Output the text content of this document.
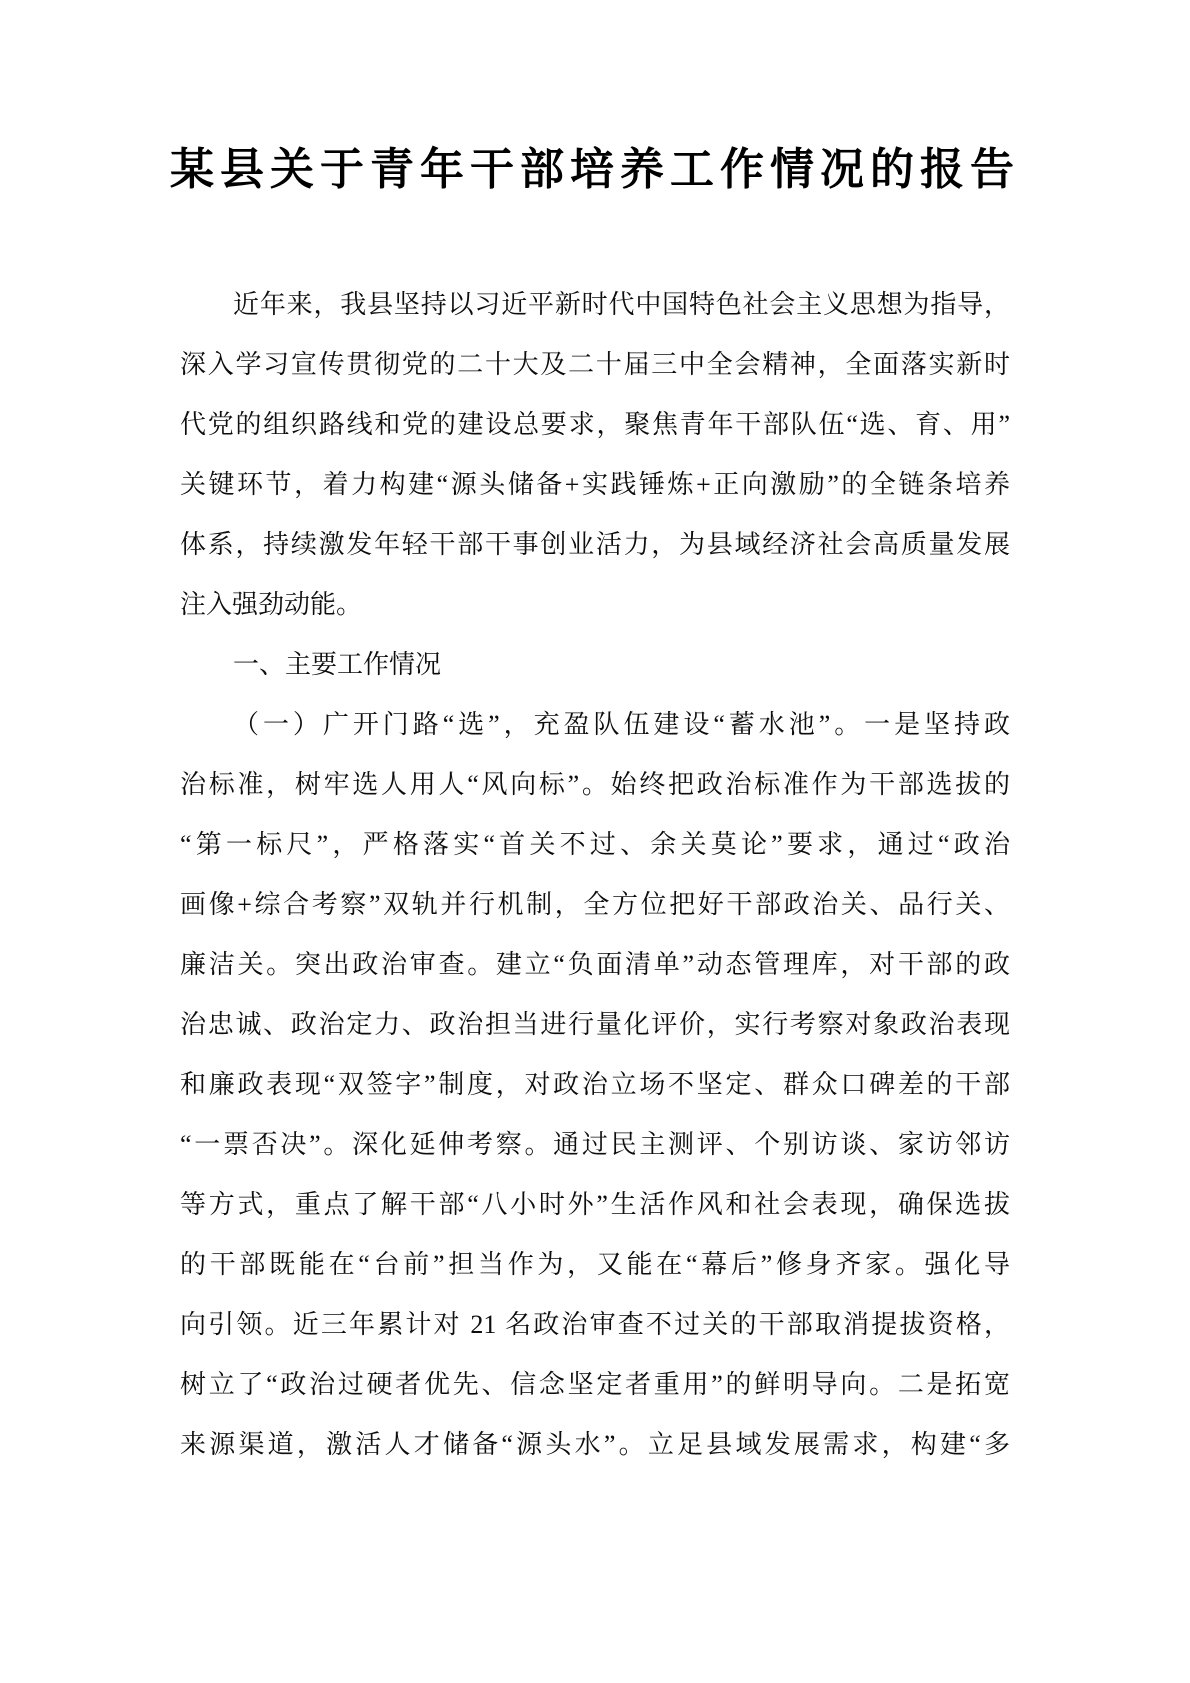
某县关于青年干部培养工作情况的报告
近年来，我县坚持以习近平新时代中国特色社会主义思想为指导，
深入学习宣传贯彻党的二十大及二十届三中全会精神，全面落实新时
代党的组织路线和党的建设总要求，聚焦青年干部队伍“选、育、用”
关键环节，着力构建“源头储备+实践锤炼+正向激励”的全链条培养
体系，持续激发年轻干部干事创业活力，为县域经济社会高质量发展
注入强劲动能。
一、主要工作情况
（一）广开门路“选”，充盈队伍建设“蓄水池”。一是坚持政
治标准，树牢选人用人“风向标”。始终把政治标准作为干部选拔的
“第一标尺”，严格落实“首关不过、余关莫论”要求，通过“政治
画像+综合考察”双轨并行机制，全方位把好干部政治关、品行关、
廉洁关。突出政治审查。建立“负面清单”动态管理库，对干部的政
治忠诚、政治定力、政治担当进行量化评价，实行考察对象政治表现
和廉政表现“双签字”制度，对政治立场不坚定、群众口碑差的干部
“一票否决”。深化延伸考察。通过民主测评、个别访谈、家访邻访
等方式，重点了解干部“八小时外”生活作风和社会表现，确保选拔
的干部既能在“台前”担当作为，又能在“幕后”修身齐家。强化导
向引领。近三年累计对 21 名政治审查不过关的干部取消提拔资格，
树立了“政治过硬者优先、信念坚定者重用”的鲜明导向。二是拓宽
来源渠道，激活人才储备“源头水”。立足县域发展需求，构建“多
